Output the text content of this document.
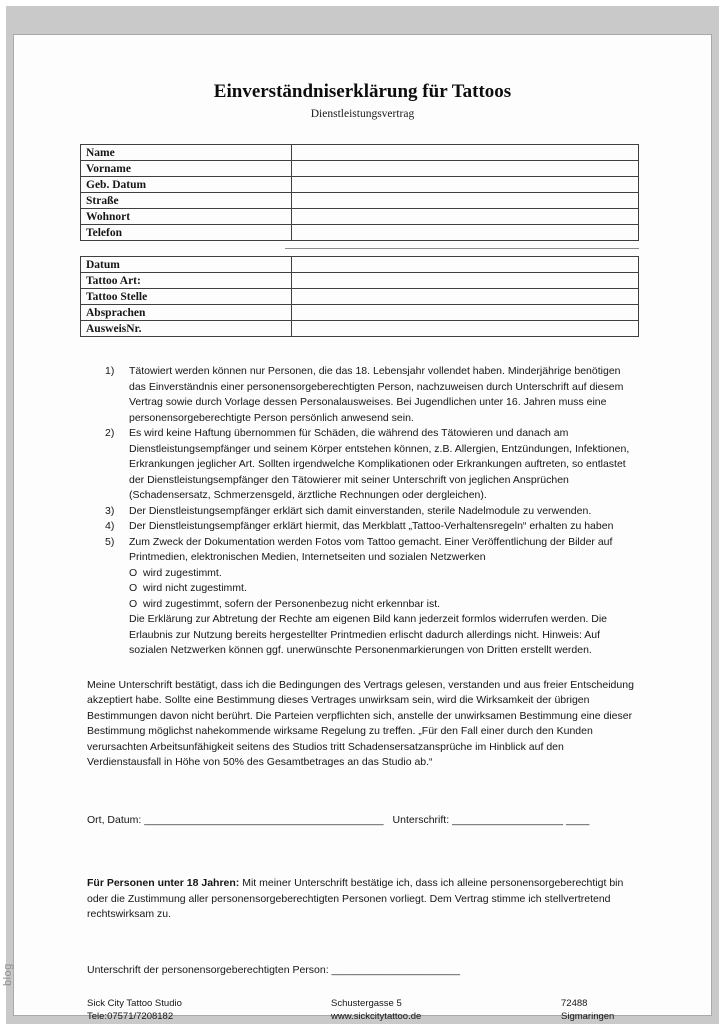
Einverständniserklärung für Tattoos
Dienstleistungsvertrag
Name	
Vorname	
Geb. Datum	
Straße	
Wohnort	
Telefon	
Datum	
Tattoo Art:	
Tattoo Stelle	
Absprachen	
AusweisNr.	
1)	Tätowiert werden können nur Personen, die das 18. Lebensjahr vollendet haben. Minderjährige benötigen das Einverständnis einer personensorgeberechtigten Person, nachzuweisen durch Unterschrift auf diesem Vertrag sowie durch Vorlage dessen Personalausweises. Bei Jugendlichen unter 16. Jahren muss eine personensorgeberechtigte Person persönlich anwesend sein.
2)	Es wird keine Haftung übernommen für Schäden, die während des Tätowieren und danach am Dienstleistungsempfänger und seinem Körper entstehen können, z.B. Allergien, Entzündungen, Infektionen, Erkrankungen jeglicher Art. Sollten irgendwelche Komplikationen oder Erkrankungen auftreten, so entlastet der Dienstleistungsempfänger den Tätowierer mit seiner Unterschrift von jeglichen Ansprüchen (Schadensersatz, Schmerzensgeld, ärztliche Rechnungen oder dergleichen).
3)	Der Dienstleistungsempfänger erklärt sich damit einverstanden, sterile Nadelmodule zu verwenden.
4)	Der Dienstleistungsempfänger erklärt hiermit, das Merkblatt „Tattoo-Verhaltensregeln“ erhalten zu haben
5)	Zum Zweck der Dokumentation werden Fotos vom Tattoo gemacht. Einer Veröffentlichung der Bilder auf Printmedien, elektronischen Medien, Internetseiten und sozialen Netzwerken
O wird zugestimmt.
O wird nicht zugestimmt.
O wird zugestimmt, sofern der Personenbezug nicht erkennbar ist.
Die Erklärung zur Abtretung der Rechte am eigenen Bild kann jederzeit formlos widerrufen werden. Die Erlaubnis zur Nutzung bereits hergestellter Printmedien erlischt dadurch allerdings nicht. Hinweis: Auf sozialen Netzwerken können ggf. unerwünschte Personenmarkierungen von Dritten erstellt werden.

Meine Unterschrift bestätigt, dass ich die Bedingungen des Vertrags gelesen, verstanden und aus freier Entscheidung akzeptiert habe. Sollte eine Bestimmung dieses Vertrages unwirksam sein, wird die Wirksamkeit der übrigen Bestimmungen davon nicht berührt. Die Parteien verpflichten sich, anstelle der unwirksamen Bestimmung eine dieser Bestimmung möglichst nahekommende wirksame Regelung zu treffen. „Für den Fall einer durch den Kunden verursachten Arbeitsunfähigkeit seitens des Studios tritt Schadensersatzansprüche im Hinblick auf den Verdienstausfall in Höhe von 50% des Gesamtbetrages an das Studio ab.“

Ort, Datum: _________________________________________ Unterschrift: ___________________ ____

Für Personen unter 18 Jahren: Mit meiner Unterschrift bestätige ich, dass ich alleine personensorgeberechtigt bin oder die Zustimmung aller personensorgeberechtigten Personen vorliegt. Dem Vertrag stimme ich stellvertretend rechtswirksam zu.

Unterschrift der personensorgeberechtigten Person: ______________________
Sick City Tattoo Studio
Tele:07571/7208182
Schustergasse 5
www.sickcitytattoo.de
72488 Sigmaringen
blog
